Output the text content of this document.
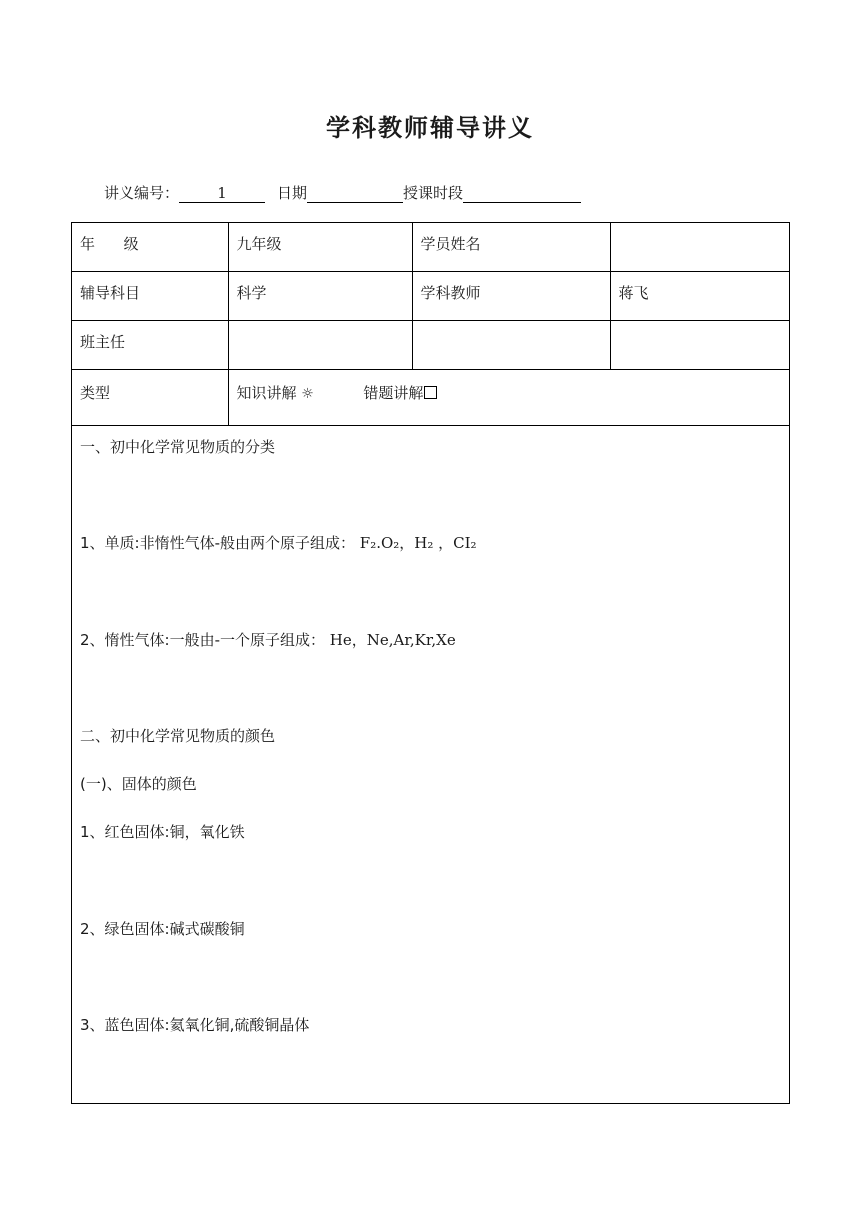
学科教师辅导讲义
讲义编号：	1	日期	授课时段
年      级	九年级	学员姓名	

辅导科目	科学	学科教师	蒋飞

班主任			

类型	知识讲解 ☼ 错题讲解		
一、初中化学常见物质的分类
1、单质:非惰性气体-般由两个原子组成： F₂.O₂，H₂ ，CI₂
2、惰性气体:一般由-一个原子组成： He，Ne,Ar,Kr,Xe
二、初中化学常见物质的颜色
(一)、固体的颜色
1、红色固体:铜，氧化铁
2、绿色固体:碱式碳酸铜
3、蓝色固体:氦氧化铜,硫酸铜晶体
